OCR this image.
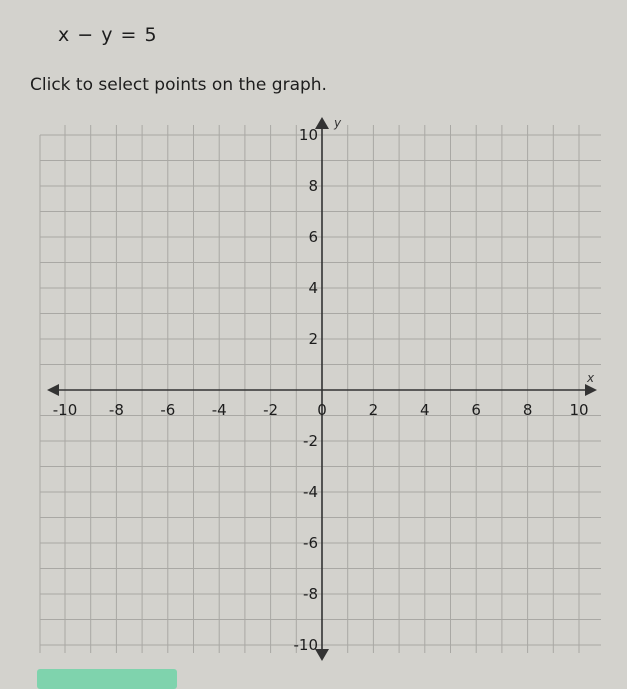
x − y = 5
Click to select points on the graph.
x
y
-10 -8 -6 -4 -2	0	2	4	6	8 10
10
8
6
4
2
-2
-4
-6
-8
-10
